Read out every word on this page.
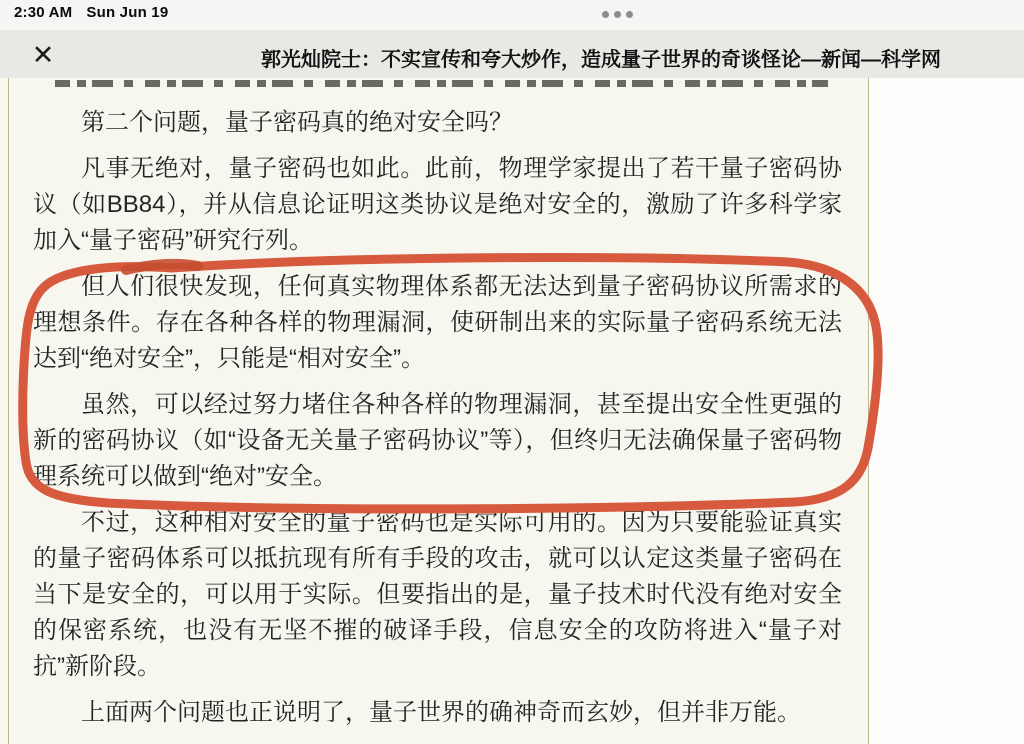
2:30 AM Sun Jun 19
✕	郭光灿院士：不实宣传和夸大炒作，造成量子世界的奇谈怪论—新闻—科学网

第二个问题，量子密码真的绝对安全吗？

凡事无绝对，量子密码也如此。此前，物理学家提出了若干量子密码协议（如BB84），并从信息论证明这类协议是绝对安全的，激励了许多科学家加入“量子密码”研究行列。

但人们很快发现，任何真实物理体系都无法达到量子密码协议所需求的理想条件。存在各种各样的物理漏洞，使研制出来的实际量子密码系统无法达到“绝对安全”，只能是“相对安全”。

虽然，可以经过努力堵住各种各样的物理漏洞，甚至提出安全性更强的新的密码协议（如“设备无关量子密码协议”等），但终归无法确保量子密码物理系统可以做到“绝对”安全。

不过，这种相对安全的量子密码也是实际可用的。因为只要能验证真实的量子密码体系可以抵抗现有所有手段的攻击，就可以认定这类量子密码在当下是安全的，可以用于实际。但要指出的是，量子技术时代没有绝对安全的保密系统，也没有无坚不摧的破译手段，信息安全的攻防将进入“量子对抗”新阶段。

上面两个问题也正说明了，量子世界的确神奇而玄妙，但并非万能。
